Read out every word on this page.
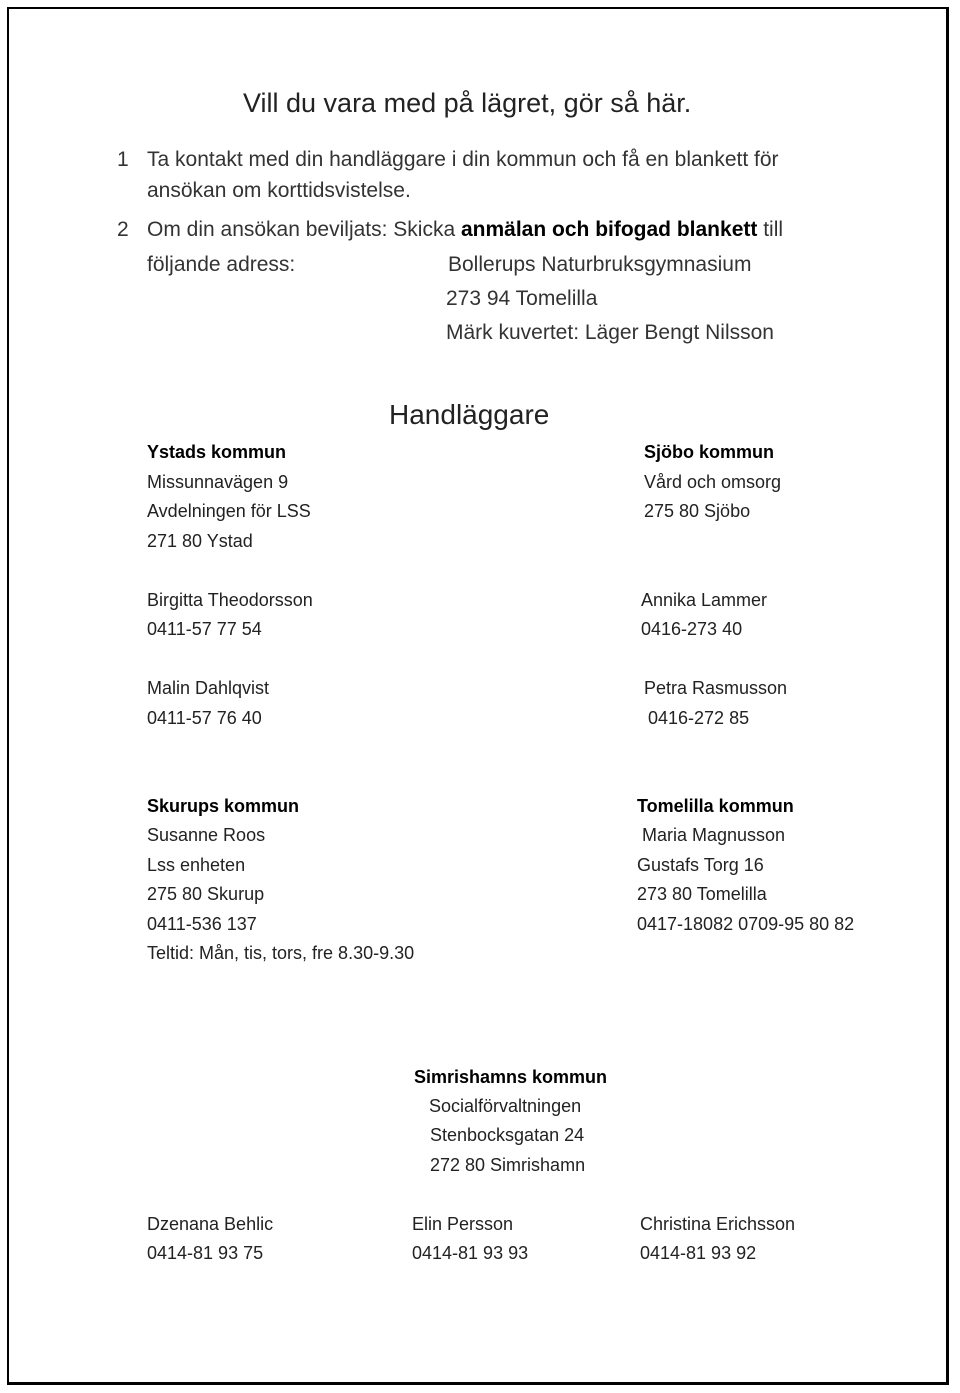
Vill du vara med på lägret, gör så här.
1 Ta kontakt med din handläggare i din kommun och få en blankett för
ansökan om korttidsvistelse.
2 Om din ansökan beviljats: Skicka anmälan och bifogad blankett till
följande adress:	Bollerups Naturbruksgymnasium
273 94 Tomelilla
Märk kuvertet: Läger Bengt Nilsson
Handläggare
Ystads kommun
Missunnavägen 9
Avdelningen för LSS
271 80 Ystad
Birgitta Theodorsson
0411-57 77 54
Malin Dahlqvist
0411-57 76 40
Sjöbo kommun
Vård och omsorg
275 80 Sjöbo
Annika Lammer
0416-273 40
Petra Rasmusson
0416-272 85
Skurups kommun
Susanne Roos
Lss enheten
275 80 Skurup
0411-536 137
Teltid: Mån, tis, tors, fre 8.30-9.30
Tomelilla kommun
Maria Magnusson
Gustafs Torg 16
273 80 Tomelilla
0417-18082 0709-95 80 82
Simrishamns kommun
Socialförvaltningen
Stenbocksgatan 24
272 80 Simrishamn
Dzenana Behlic
0414-81 93 75
Elin Persson
0414-81 93 93
Christina Erichsson
0414-81 93 92
